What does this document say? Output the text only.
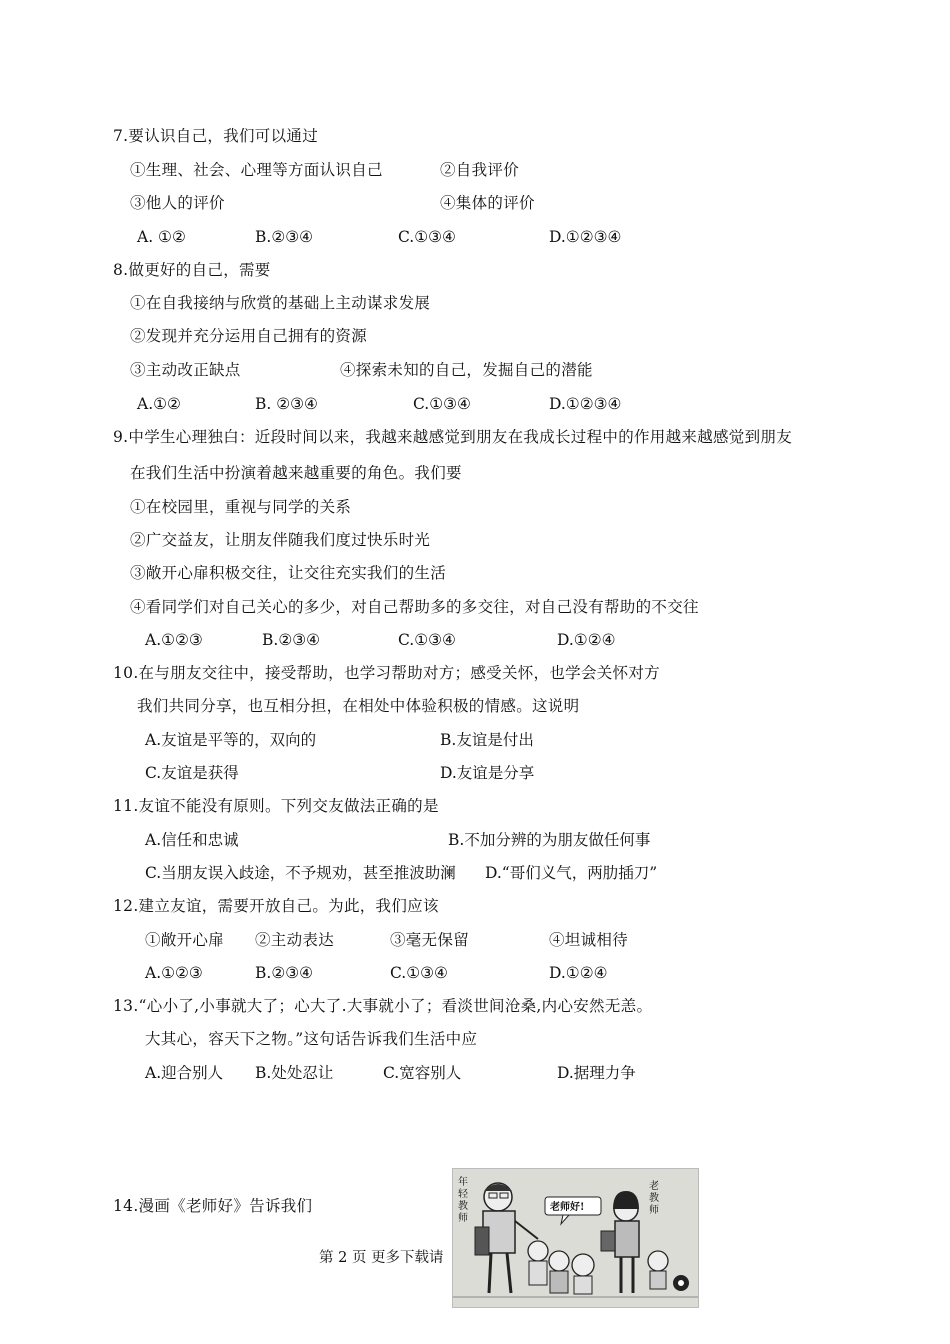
7.要认识自己，我们可以通过
①生理、社会、心理等方面认识自己	②自我评价
③他人的评价	④集体的评价
A. ①②	B.②③④	C.①③④	D.①②③④
8.做更好的自己，需要
①在自我接纳与欣赏的基础上主动谋求发展
②发现并充分运用自己拥有的资源
③主动改正缺点	④探索未知的自己，发掘自己的潜能
A.①②	B. ②③④	C.①③④	D.①②③④
9.中学生心理独白：近段时间以来，我越来越感觉到朋友在我成长过程中的作用越来越感觉到朋友
在我们生活中扮演着越来越重要的角色。我们要
①在校园里，重视与同学的关系
②广交益友，让朋友伴随我们度过快乐时光
③敞开心扉积极交往，让交往充实我们的生活
④看同学们对自己关心的多少，对自己帮助多的多交往，对自己没有帮助的不交往
A.①②③	B.②③④	C.①③④	D.①②④
10.在与朋友交往中，接受帮助，也学习帮助对方；感受关怀，也学会关怀对方
我们共同分享，也互相分担，在相处中体验积极的情感。这说明
A.友谊是平等的，双向的	B.友谊是付出
C.友谊是获得	D.友谊是分享
11.友谊不能没有原则。下列交友做法正确的是
A.信任和忠诚	B.不加分辨的为朋友做任何事
C.当朋友误入歧途，不予规劝，甚至推波助澜 D.“哥们义气，两肋插刀”
12.建立友谊，需要开放自己。为此，我们应该
①敞开心扉 ②主动表达	③毫无保留	④坦诚相待
A.①②③	B.②③④	C.①③④	D.①②④
13.“心小了,小事就大了；心大了.大事就小了；看淡世间沧桑,内心安然无恙。
大其心，容天下之物。”这句话告诉我们生活中应
A.迎合别人 B.处处忍让	C.宽容别人	D.据理力争
14.漫画《老师好》告诉我们	老师好!
年
轻
教
师
老
教
师
第 2 页 更多下载请
